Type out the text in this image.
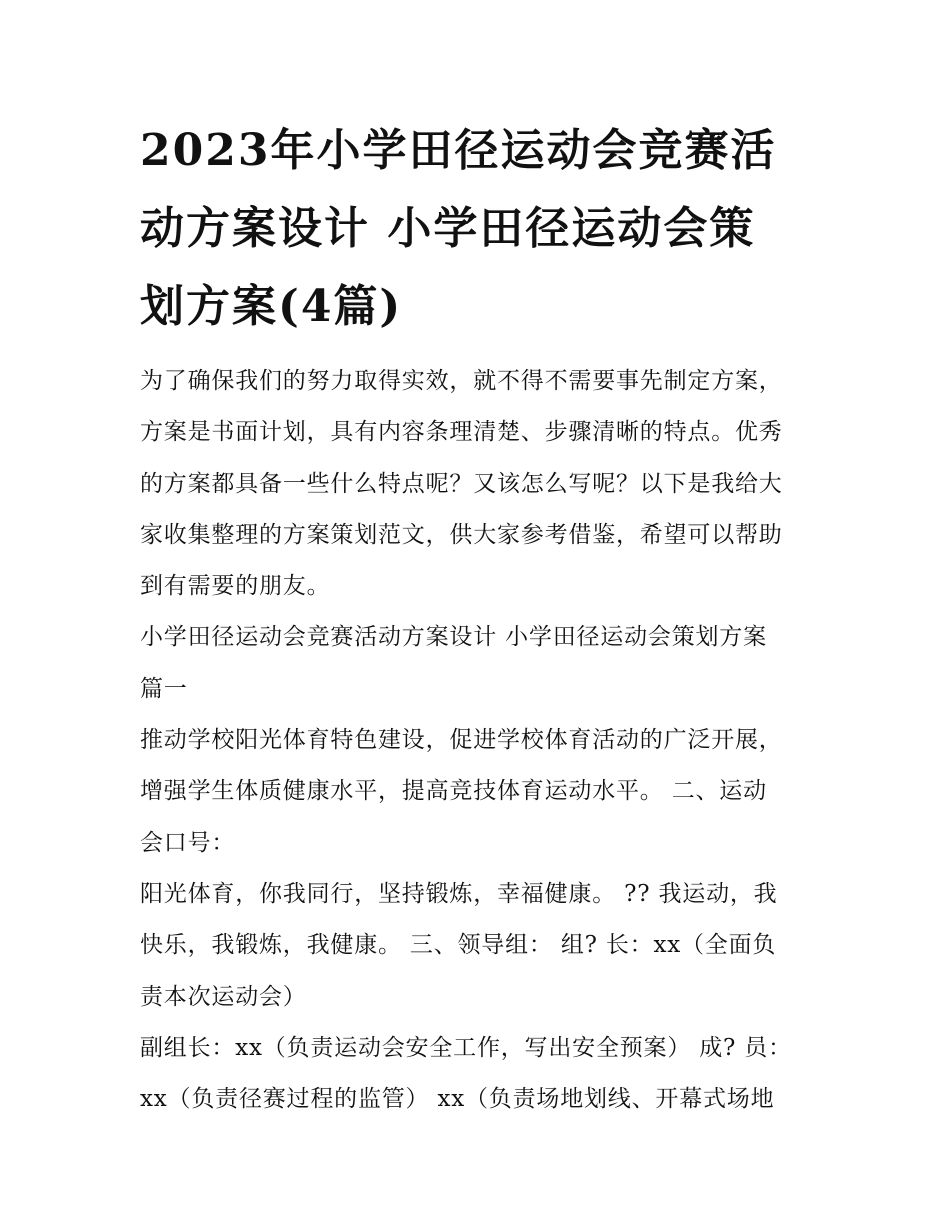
2023年小学田径运动会竞赛活
动方案设计 小学田径运动会策
划方案(4篇)
为了确保我们的努力取得实效，就不得不需要事先制定方案，
方案是书面计划，具有内容条理清楚、步骤清晰的特点。优秀
的方案都具备一些什么特点呢？又该怎么写呢？以下是我给大
家收集整理的方案策划范文，供大家参考借鉴，希望可以帮助
到有需要的朋友。
小学田径运动会竞赛活动方案设计 小学田径运动会策划方案
篇一
推动学校阳光体育特色建设，促进学校体育活动的广泛开展，
增强学生体质健康水平，提高竞技体育运动水平。 二、运动
会口号：
阳光体育，你我同行，坚持锻炼，幸福健康。 ?? 我运动，我
快乐，我锻炼，我健康。 三、领导组： 组? 长：xx（全面负
责本次运动会）
副组长：xx（负责运动会安全工作，写出安全预案） 成? 员：
xx（负责径赛过程的监管） xx（负责场地划线、开幕式场地
